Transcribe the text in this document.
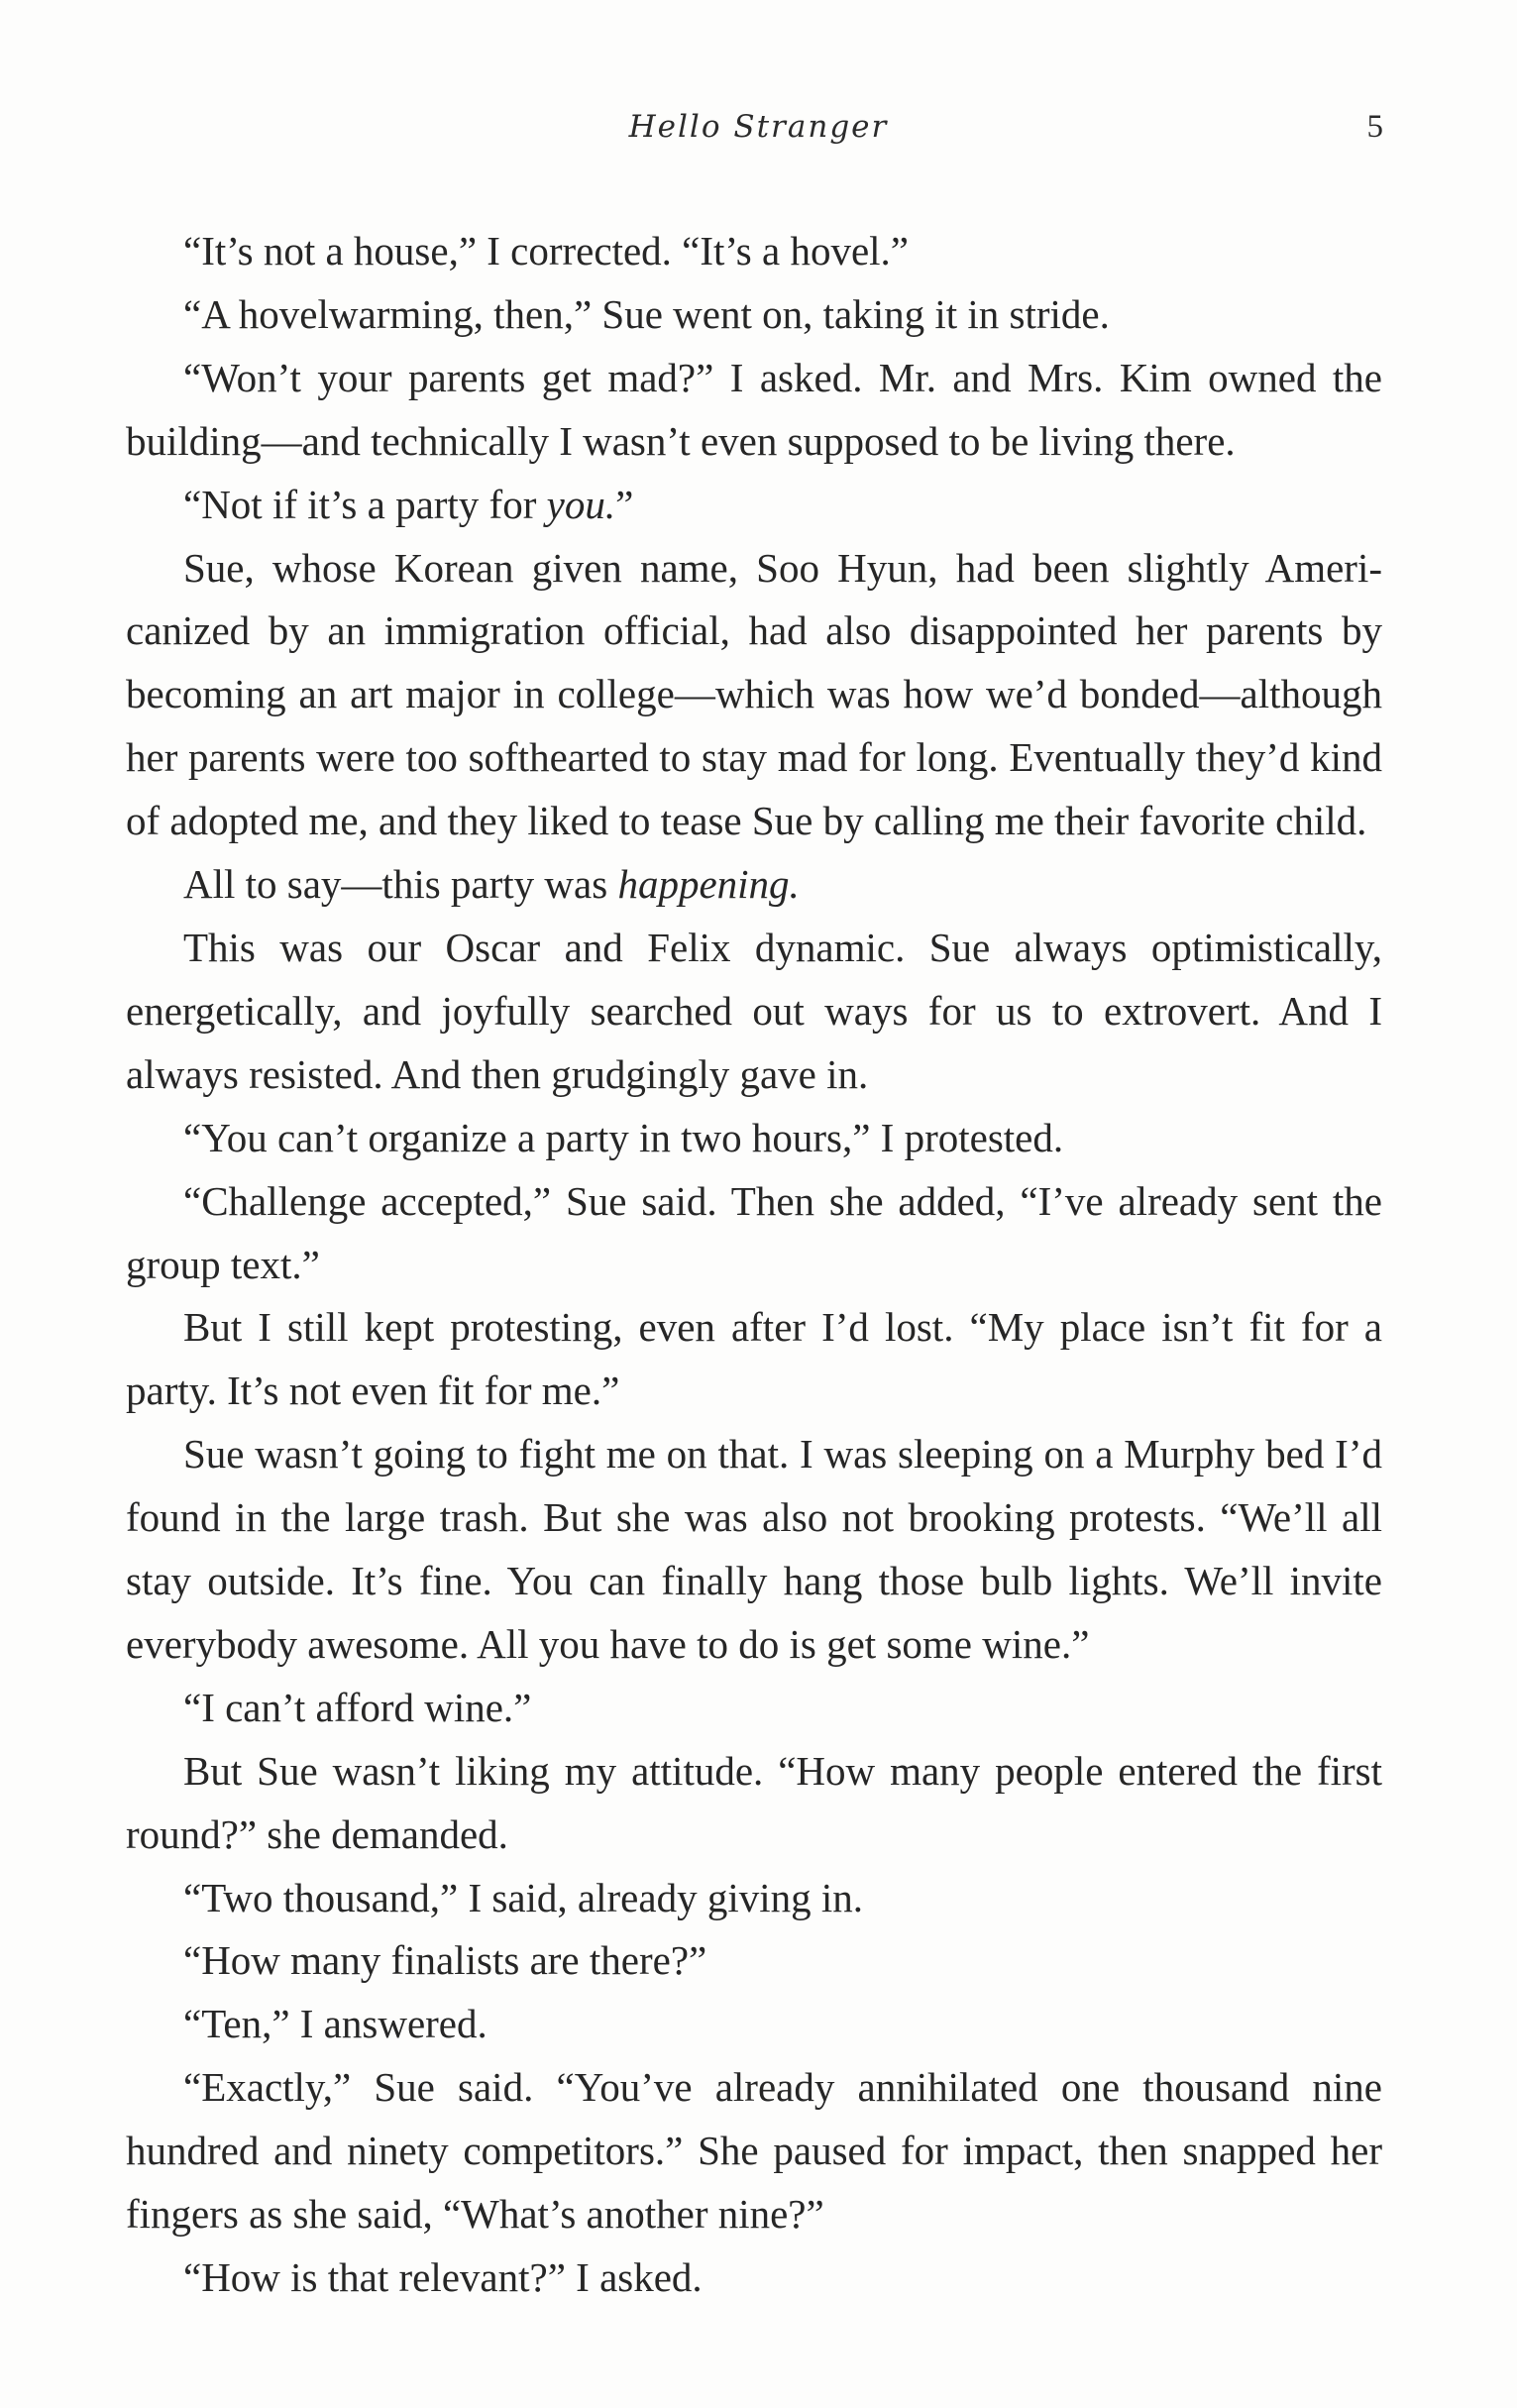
Hello Stranger	5

“It’s not a house,” I corrected. “It’s a hovel.”

“A hovelwarming, then,” Sue went on, taking it in stride.

“Won’t your parents get mad?” I asked. Mr. and Mrs. Kim owned the building—and technically I wasn’t even supposed to be living there.

“Not if it’s a party for you.”

Sue, whose Korean given name, Soo Hyun, had been slightly Americanized by an immigration official, had also disappointed her parents by becoming an art major in college—which was how we’d bonded—although her parents were too softhearted to stay mad for long. Eventually they’d kind of adopted me, and they liked to tease Sue by calling me their favorite child.

All to say—this party was happening.

This was our Oscar and Felix dynamic. Sue always optimistically, energetically, and joyfully searched out ways for us to extrovert. And I always resisted. And then grudgingly gave in.

“You can’t organize a party in two hours,” I protested.

“Challenge accepted,” Sue said. Then she added, “I’ve already sent the group text.”

But I still kept protesting, even after I’d lost. “My place isn’t fit for a party. It’s not even fit for me.”

Sue wasn’t going to fight me on that. I was sleeping on a Murphy bed I’d found in the large trash. But she was also not brooking protests. “We’ll all stay outside. It’s fine. You can finally hang those bulb lights. We’ll invite everybody awesome. All you have to do is get some wine.”

“I can’t afford wine.”

But Sue wasn’t liking my attitude. “How many people entered the first round?” she demanded.

“Two thousand,” I said, already giving in.

“How many finalists are there?”

“Ten,” I answered.

“Exactly,” Sue said. “You’ve already annihilated one thousand nine hundred and ninety competitors.” She paused for impact, then snapped her fingers as she said, “What’s another nine?”

“How is that relevant?” I asked.
